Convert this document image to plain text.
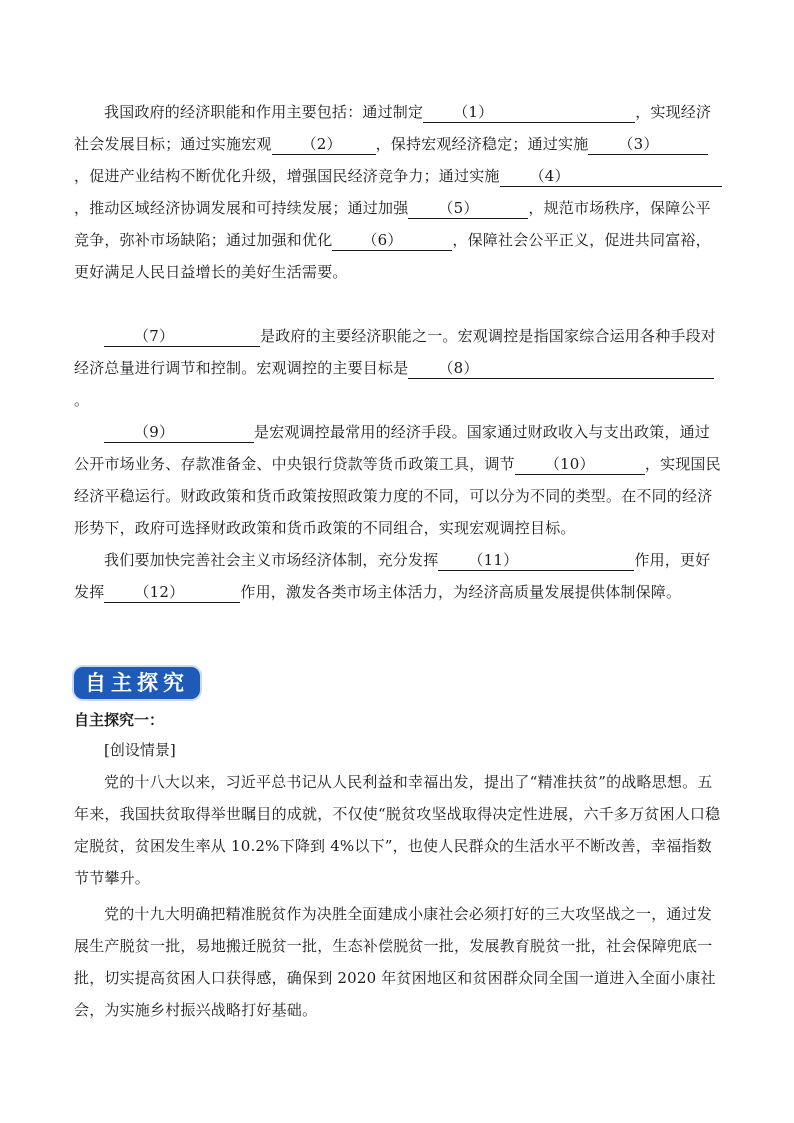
我国政府的经济职能和作用主要包括：通过制定 （1）	，实现经济社会发展目标；通过实施宏观 （2） ，保持宏观经济稳定；通过实施 （3），促进产业结构不断优化升级，增强国民经济竞争力；通过实施 （4），推动区域经济协调发展和可持续发展；通过加强 （5）	，规范市场秩序，保障公平竞争，弥补市场缺陷；通过加强和优化 （6）	，保障社会公平正义，促进共同富裕，更好满足人民日益增长的美好生活需要。
（7）	是政府的主要经济职能之一。宏观调控是指国家综合运用各种手段对经济总量进行调节和控制。宏观调控的主要目标是 （8）。
（9）	是宏观调控最常用的经济手段。国家通过财政收入与支出政策，通过公开市场业务、存款准备金、中央银行贷款等货币政策工具，调节 （10）	，实现国民经济平稳运行。财政政策和货币政策按照政策力度的不同，可以分为不同的类型。在不同的经济形势下，政府可选择财政政策和货币政策的不同组合，实现宏观调控目标。
我们要加快完善社会主义市场经济体制，充分发挥 （11）	作用，更好发挥 （12）	作用，激发各类市场主体活力，为经济高质量发展提供体制保障。
自主探究
自主探究一：
[创设情景]
党的十八大以来，习近平总书记从人民利益和幸福出发，提出了“精准扶贫”的战略思想。五年来，我国扶贫取得举世瞩目的成就，不仅使“脱贫攻坚战取得决定性进展，六千多万贫困人口稳定脱贫，贫困发生率从 10.2%下降到 4%以下”，也使人民群众的生活水平不断改善，幸福指数节节攀升。
党的十九大明确把精准脱贫作为决胜全面建成小康社会必须打好的三大攻坚战之一，通过发展生产脱贫一批，易地搬迁脱贫一批，生态补偿脱贫一批，发展教育脱贫一批，社会保障兜底一批，切实提高贫困人口获得感，确保到 2020 年贫困地区和贫困群众同全国一道进入全面小康社会，为实施乡村振兴战略打好基础。
